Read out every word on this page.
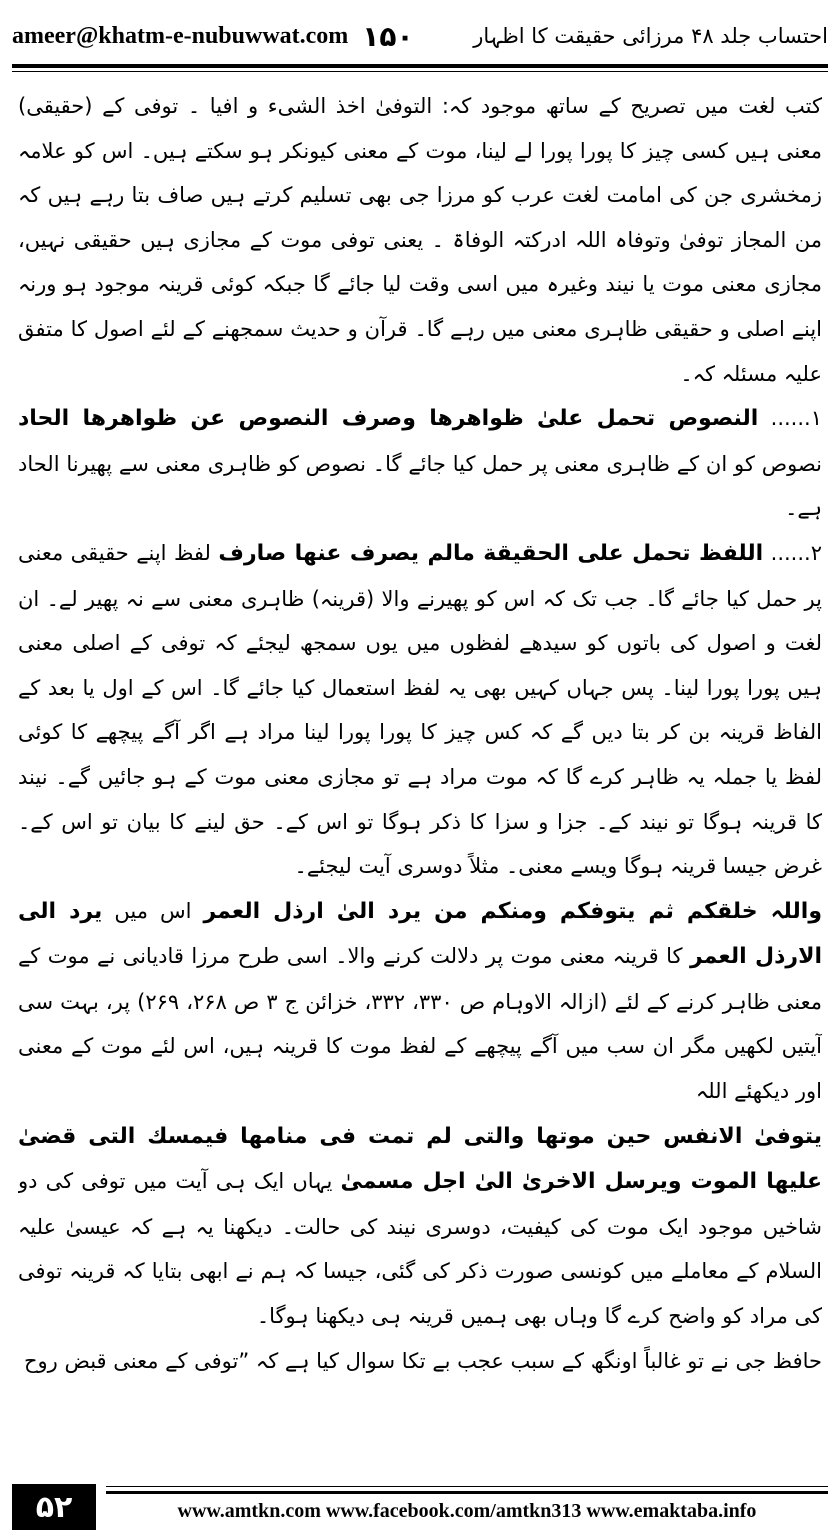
ameer@khatm-e-nubuwwat.com ۱۵۰	احتساب جلد ۴۸ مرزائی حقیقت کا اظہار

کتب لغت میں تصریح کے ساتھ موجود کہ: التوفیٰ اخذ الشیء و افیا ۔ توفی کے (حقیقی) معنی ہیں کسی چیز کا پورا پورا لے لینا، موت کے معنی کیونکر ہو سکتے ہیں۔ اس کو علامہ زمخشری جن کی امامت لغت عرب کو مرزا جی بھی تسلیم کرتے ہیں صاف بتا رہے ہیں کہ من المجاز توفیٰ وتوفاہ اللہ ادرکتہ الوفاۃ ۔ یعنی توفی موت کے مجازی ہیں حقیقی نہیں، مجازی معنی موت یا نیند وغیرہ میں اسی وقت لیا جائے گا جبکہ کوئی قرینہ موجود ہو ورنہ اپنے اصلی و حقیقی ظاہری معنی میں رہے گا۔ قرآن و حدیث سمجھنے کے لئے اصول کا متفق علیہ مسئلہ کہ۔

۱...... النصوص تحمل علیٰ ظواهرها وصرف النصوص عن ظواهرها الحاد نصوص کو ان کے ظاہری معنی پر حمل کیا جائے گا۔ نصوص کو ظاہری معنی سے پھیرنا الحاد ہے۔

۲...... اللفظ تحمل على الحقيقة مالم يصرف عنها صارف لفظ اپنے حقیقی معنی پر حمل کیا جائے گا۔ جب تک کہ اس کو پھیرنے والا (قرینہ) ظاہری معنی سے نہ پھیر لے۔ ان لغت و اصول کی باتوں کو سیدھے لفظوں میں یوں سمجھ لیجئے کہ توفی کے اصلی معنی ہیں پورا پورا لینا۔ پس جہاں کہیں بھی یہ لفظ استعمال کیا جائے گا۔ اس کے اول یا بعد کے الفاظ قرینہ بن کر بتا دیں گے کہ کس چیز کا پورا پورا لینا مراد ہے اگر آگے پیچھے کا کوئی لفظ یا جملہ یہ ظاہر کرے گا کہ موت مراد ہے تو مجازی معنی موت کے ہو جائیں گے۔ نیند کا قرینہ ہوگا تو نیند کے۔ جزا و سزا کا ذکر ہوگا تو اس کے۔ حق لینے کا بیان تو اس کے۔ غرض جیسا قرینہ ہوگا ویسے معنی۔ مثلاً دوسری آیت لیجئے۔

واللہ خلقکم ثم یتوفکم ومنکم من یرد الیٰ ارذل العمر اس میں یرد الی الارذل العمر کا قرینہ معنی موت پر دلالت کرنے والا۔ اسی طرح مرزا قادیانی نے موت کے معنی ظاہر کرنے کے لئے (ازالہ الاوہام ص ۳۳۰، ۳۳۲، خزائن ج ۳ ص ۲۶۸، ۲۶۹) پر، بہت سی آیتیں لکھیں مگر ان سب میں آگے پیچھے کے لفظ موت کا قرینہ ہیں، اس لئے موت کے معنی اور دیکھئے اللہ

یتوفیٰ الانفس حین موتها والتی لم تمت فی منامها فیمسك التی قضیٰ علیها الموت ویرسل الاخریٰ الیٰ اجل مسمیٰ یہاں ایک ہی آیت میں توفی کی دو شاخیں موجود ایک موت کی کیفیت، دوسری نیند کی حالت۔ دیکھنا یہ ہے کہ عیسیٰ علیہ السلام کے معاملے میں کونسی صورت ذکر کی گئی، جیسا کہ ہم نے ابھی بتایا کہ قرینہ توفی کی مراد کو واضح کرے گا وہاں بھی ہمیں قرینہ ہی دیکھنا ہوگا۔

حافظ جی نے تو غالباً اونگھ کے سبب عجب بے تکا سوال کیا ہے کہ ”توفی کے معنی قبض روح

۵۲	www.amtkn.com www.facebook.com/amtkn313 www.emaktaba.info
